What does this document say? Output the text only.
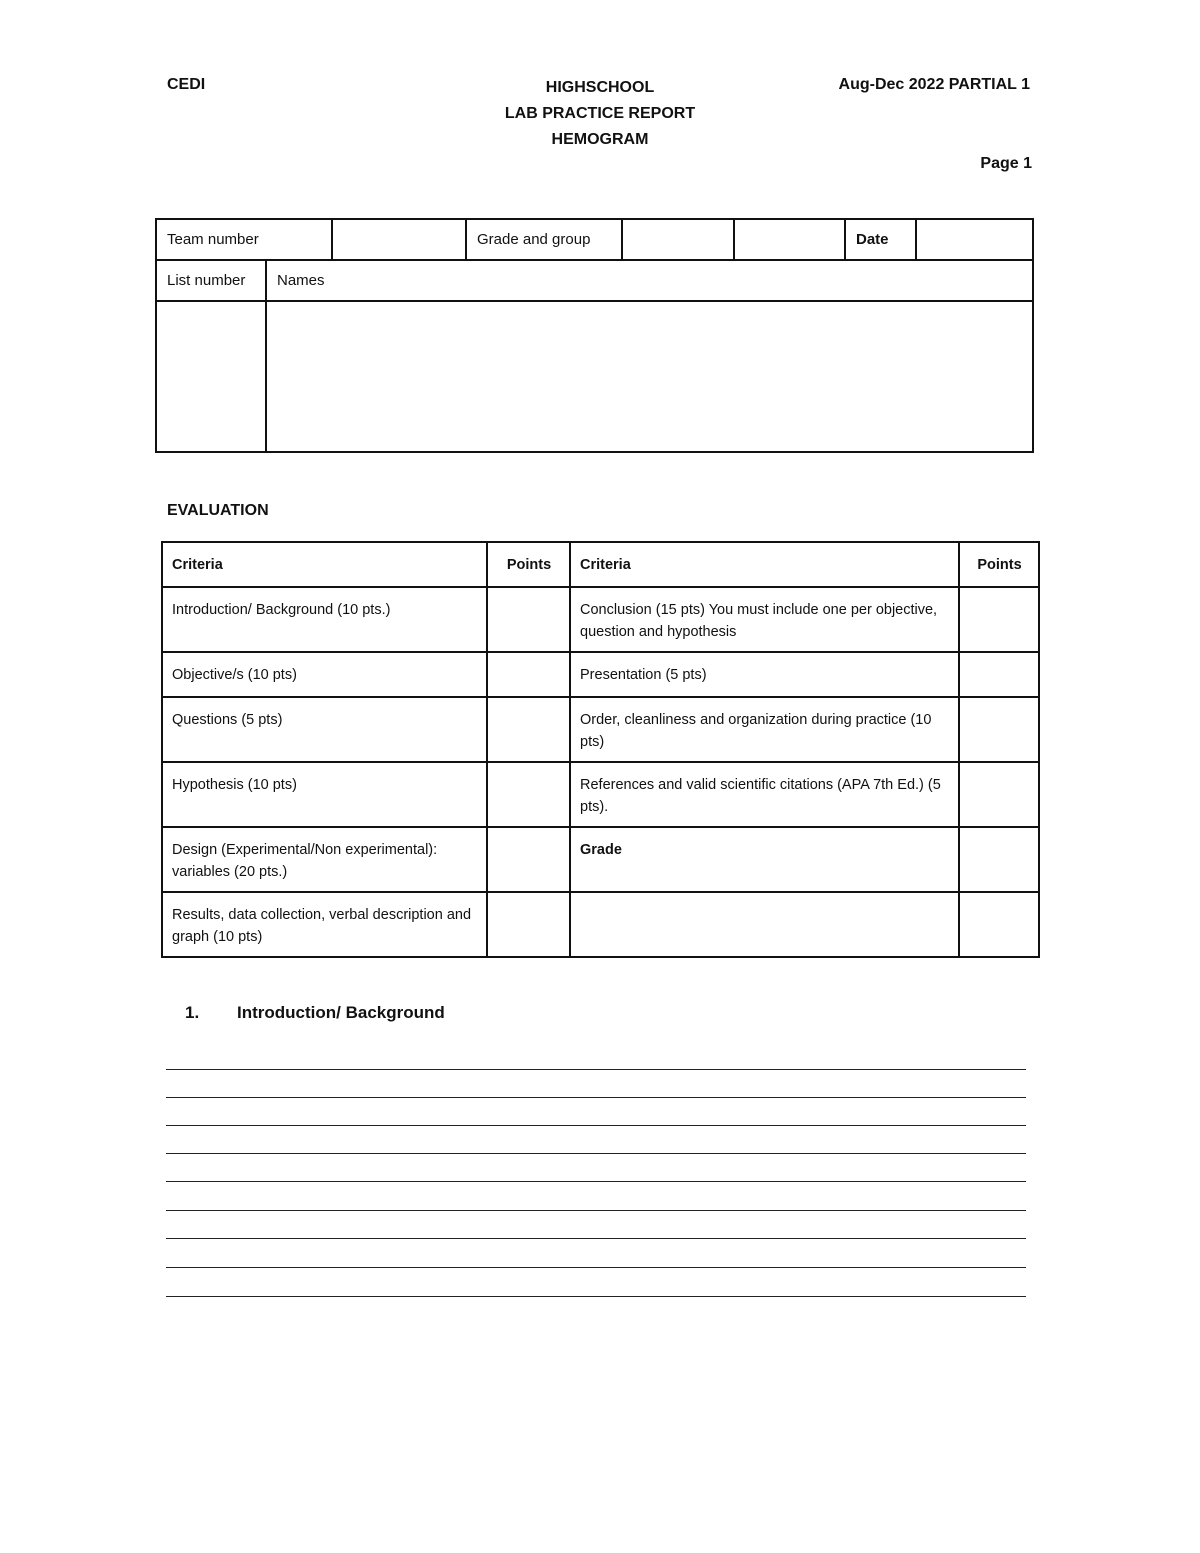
CEDI	HIGHSCHOOL
LAB PRACTICE REPORT
HEMOGRAM
Aug-Dec 2022 PARTIAL 1
Page 1
Team number			Grade and group			Date	
List number	Names						

EVALUATION
Criteria	Points	Criteria	Points
Introduction/ Background (10 pts.)		Conclusion (15 pts) You must include one per objective, question and hypothesis	
Objective/s (10 pts)		Presentation (5 pts)	
Questions (5 pts)		Order, cleanliness and organization during practice (10 pts)	
Hypothesis (10 pts)		References and valid scientific citations (APA 7th Ed.) (5 pts).	
Design (Experimental/Non experimental): variables (20 pts.)		Grade	
Results, data collection, verbal description and graph (10 pts)			
1. Introduction/ Background
